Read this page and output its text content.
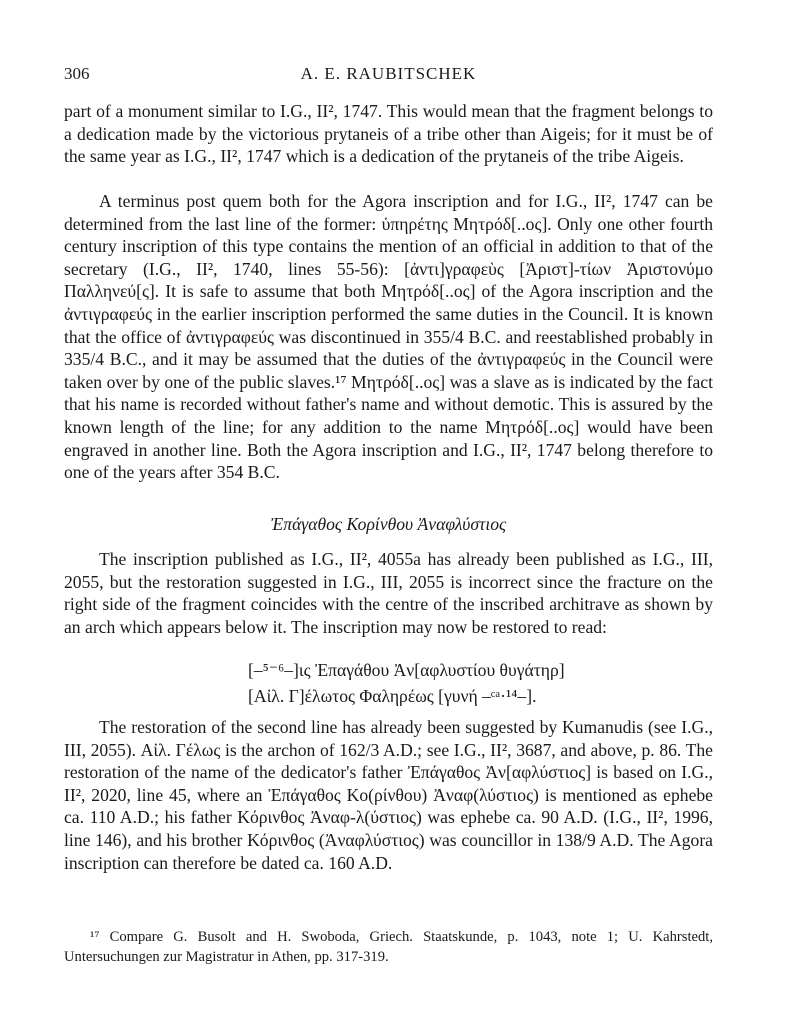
306	A. E. RAUBITSCHEK

part of a monument similar to I.G., II², 1747. This would mean that the fragment belongs to a dedication made by the victorious prytaneis of a tribe other than Aigeis; for it must be of the same year as I.G., II², 1747 which is a dedication of the prytaneis of the tribe Aigeis.

A terminus post quem both for the Agora inscription and for I.G., II², 1747 can be determined from the last line of the former: ὑπηρέτης Μητρόδ[..ος]. Only one other fourth century inscription of this type contains the mention of an official in addition to that of the secretary (I.G., II², 1740, lines 55-56): [ἀντι]γραφεὺς [Ἀριστ]-τίων Ἀριστονύμο Παλληνεύ[ς]. It is safe to assume that both Μητρόδ[..ος] of the Agora inscription and the ἀντιγραφεύς in the earlier inscription performed the same duties in the Council. It is known that the office of ἀντιγραφεύς was discontinued in 355/4 B.C. and reestablished probably in 335/4 B.C., and it may be assumed that the duties of the ἀντιγραφεύς in the Council were taken over by one of the public slaves.¹⁷ Μητρόδ[..ος] was a slave as is indicated by the fact that his name is recorded without father's name and without demotic. This is assured by the known length of the line; for any addition to the name Μητρόδ[..ος] would have been engraved in another line. Both the Agora inscription and I.G., II², 1747 belong therefore to one of the years after 354 B.C.

Ἐπάγαθος Κορίνθου Ἀναφλύστιος

The inscription published as I.G., II², 4055a has already been published as I.G., III, 2055, but the restoration suggested in I.G., III, 2055 is incorrect since the fracture on the right side of the fragment coincides with the centre of the inscribed architrave as shown by an arch which appears below it. The inscription may now be restored to read:

[–⁵⁻⁶–]ις Ἐπαγάθου Ἀν[αφλυστίου θυγάτηρ]
[Αἰλ. Γ]έλωτος Φαληρέως [γυνή –ᶜᵃ·¹⁴–].

The restoration of the second line has already been suggested by Kumanudis (see I.G., III, 2055). Αἰλ. Γέλως is the archon of 162/3 A.D.; see I.G., II², 3687, and above, p. 86. The restoration of the name of the dedicator's father Ἐπάγαθος Ἀν[αφλύστιος] is based on I.G., II², 2020, line 45, where an Ἐπάγαθος Κο(ρίνθου) Ἀναφ(λύστιος) is mentioned as ephebe ca. 110 A.D.; his father Κόρινθος Ἀναφ-λ(ύστιος) was ephebe ca. 90 A.D. (I.G., II², 1996, line 146), and his brother Κόρινθος (Ἀναφλύστιος) was councillor in 138/9 A.D. The Agora inscription can therefore be dated ca. 160 A.D.

¹⁷ Compare G. Busolt and H. Swoboda, Griech. Staatskunde, p. 1043, note 1; U. Kahrstedt, Untersuchungen zur Magistratur in Athen, pp. 317-319.
